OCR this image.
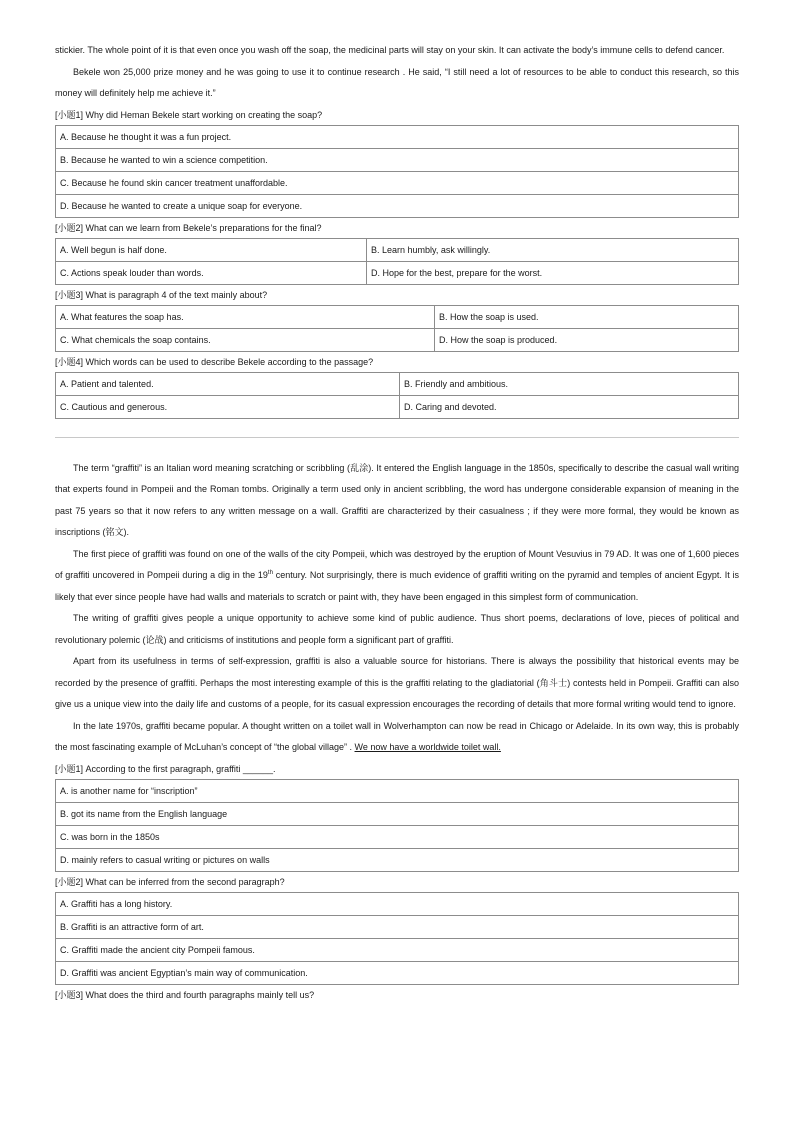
stickier. The whole point of it is that even once you wash off the soap, the medicinal parts will stay on your skin. It can activate the body’s immune cells to defend cancer.

Bekele won 25,000 prize money and he was going to use it to continue research . He said, “I still need a lot of resources to be able to conduct this research, so this money will definitely help me achieve it.”

[小题1] Why did Heman Bekele start working on creating the soap?
A. Because he thought it was a fun project.
B. Because he wanted to win a science competition.
C. Because he found skin cancer treatment unaffordable.
D. Because he wanted to create a unique soap for everyone.
[小题2] What can we learn from Bekele’s preparations for the final?
A. Well begun is half done.	B. Learn humbly, ask willingly.
C. Actions speak louder than words.	D. Hope for the best, prepare for the worst.
[小题3] What is paragraph 4 of the text mainly about?
A. What features the soap has.	B. How the soap is used.
C. What chemicals the soap contains.	D. How the soap is produced.
[小题4] Which words can be used to describe Bekele according to the passage?
A. Patient and talented.	B. Friendly and ambitious.
C. Cautious and generous.	D. Caring and devoted.

The term “graffiti” is an Italian word meaning scratching or scribbling (乱涂). It entered the English language in the 1850s, specifically to describe the casual wall writing that experts found in Pompeii and the Roman tombs. Originally a term used only in ancient scribbling, the word has undergone considerable expansion of meaning in the past 75 years so that it now refers to any written message on a wall. Graffiti are characterized by their casualness ; if they were more formal, they would be known as inscriptions (铭文).

The first piece of graffiti was found on one of the walls of the city Pompeii, which was destroyed by the eruption of Mount Vesuvius in 79 AD. It was one of 1,600 pieces of graffiti uncovered in Pompeii during a dig in the 19th century. Not surprisingly, there is much evidence of graffiti writing on the pyramid and temples of ancient Egypt. It is likely that ever since people have had walls and materials to scratch or paint with, they have been engaged in this simplest form of communication.

The writing of graffiti gives people a unique opportunity to achieve some kind of public audience. Thus short poems, declarations of love, pieces of political and revolutionary polemic (论战) and criticisms of institutions and people form a significant part of graffiti.

Apart from its usefulness in terms of self-expression, graffiti is also a valuable source for historians. There is always the possibility that historical events may be recorded by the presence of graffiti. Perhaps the most interesting example of this is the graffiti relating to the gladiatorial (角斗士) contests held in Pompeii. Graffiti can also give us a unique view into the daily life and customs of a people, for its casual expression encourages the recording of details that more formal writing would tend to ignore.

In the late 1970s, graffiti became popular. A thought written on a toilet wall in Wolverhampton can now be read in Chicago or Adelaide. In its own way, this is probably the most fascinating example of McLuhan’s concept of “the global village” . We now have a worldwide toilet wall.

[小题1] According to the first paragraph, graffiti ______.
A. is another name for “inscription”
B. got its name from the English language
C. was born in the 1850s
D. mainly refers to casual writing or pictures on walls
[小题2] What can be inferred from the second paragraph?
A. Graffiti has a long history.
B. Graffiti is an attractive form of art.
C. Graffiti made the ancient city Pompeii famous.
D. Graffiti was ancient Egyptian’s main way of communication.
[小题3] What does the third and fourth paragraphs mainly tell us?
